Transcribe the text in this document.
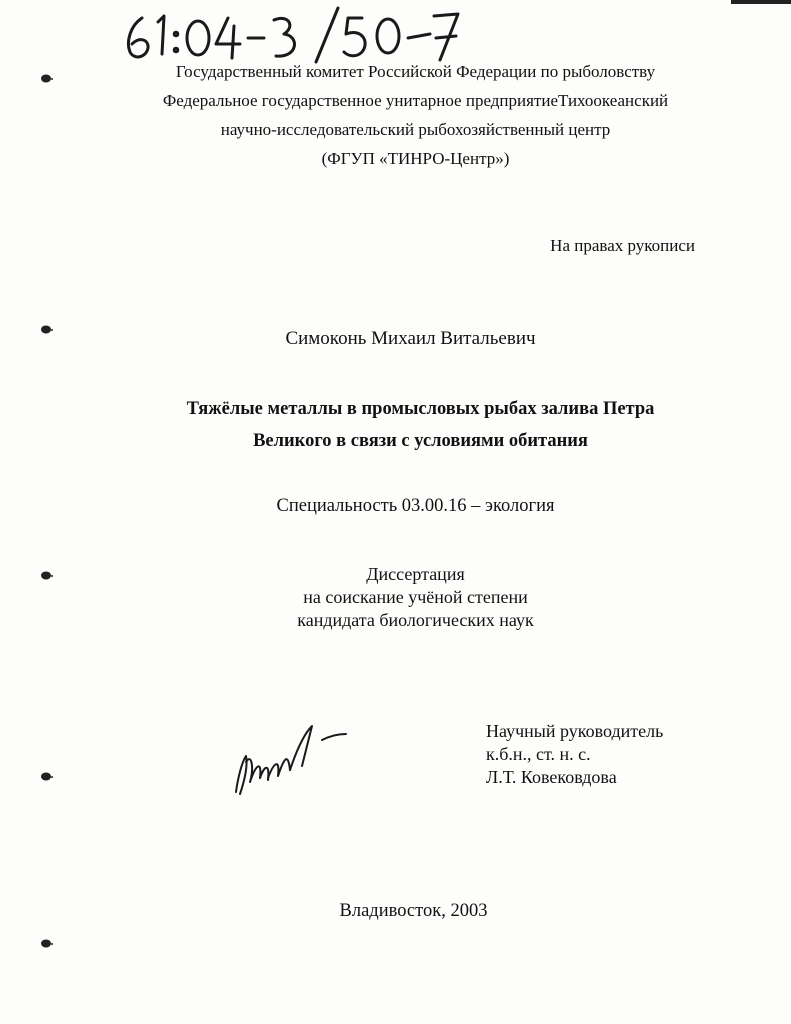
Государственный комитет Российской Федерации по рыболовству

Федеральное государственное унитарное предприятиеТихоокеанский

научно-исследовательский рыбохозяйственный центр

(ФГУП «ТИНРО-Центр»)

На правах рукописи

Симоконь Михаил Витальевич

Тяжёлые металлы в промысловых рыбах залива Петра

Великого в связи с условиями обитания

Специальность 03.00.16 – экология

Диссертация

на соискание учёной степени

кандидата биологических наук

Научный руководитель

к.б.н., ст. н. с.

Л.Т. Ковековдова

Владивосток, 2003
